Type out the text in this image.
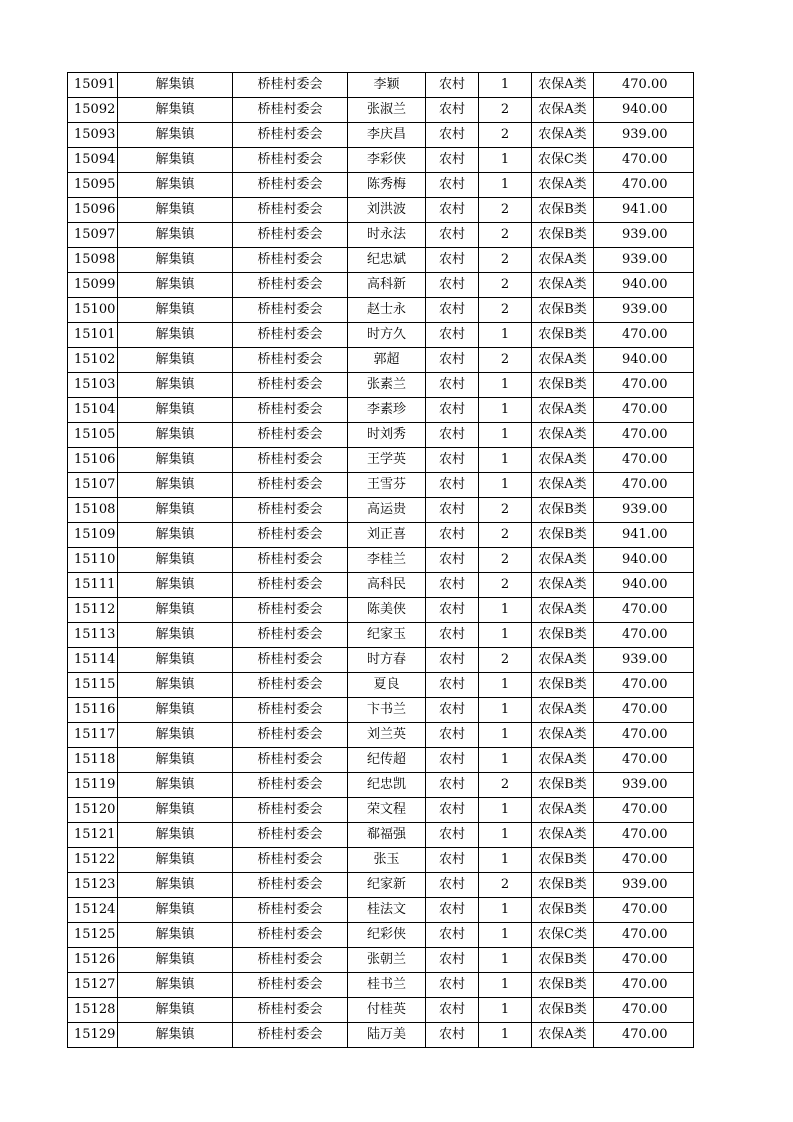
15091	解集镇	桥桂村委会	李颖	农村	1	农保A类	470.00
15092	解集镇	桥桂村委会	张淑兰	农村	2	农保A类	940.00
15093	解集镇	桥桂村委会	李庆昌	农村	2	农保A类	939.00
15094	解集镇	桥桂村委会	李彩侠	农村	1	农保C类	470.00
15095	解集镇	桥桂村委会	陈秀梅	农村	1	农保A类	470.00
15096	解集镇	桥桂村委会	刘洪波	农村	2	农保B类	941.00
15097	解集镇	桥桂村委会	时永法	农村	2	农保B类	939.00
15098	解集镇	桥桂村委会	纪忠斌	农村	2	农保A类	939.00
15099	解集镇	桥桂村委会	高科新	农村	2	农保A类	940.00
15100	解集镇	桥桂村委会	赵士永	农村	2	农保B类	939.00
15101	解集镇	桥桂村委会	时方久	农村	1	农保B类	470.00
15102	解集镇	桥桂村委会	郭超	农村	2	农保A类	940.00
15103	解集镇	桥桂村委会	张素兰	农村	1	农保B类	470.00
15104	解集镇	桥桂村委会	李素珍	农村	1	农保A类	470.00
15105	解集镇	桥桂村委会	时刘秀	农村	1	农保A类	470.00
15106	解集镇	桥桂村委会	王学英	农村	1	农保A类	470.00
15107	解集镇	桥桂村委会	王雪芬	农村	1	农保A类	470.00
15108	解集镇	桥桂村委会	高运贵	农村	2	农保B类	939.00
15109	解集镇	桥桂村委会	刘正喜	农村	2	农保B类	941.00
15110	解集镇	桥桂村委会	李桂兰	农村	2	农保A类	940.00
15111	解集镇	桥桂村委会	高科民	农村	2	农保A类	940.00
15112	解集镇	桥桂村委会	陈美侠	农村	1	农保A类	470.00
15113	解集镇	桥桂村委会	纪家玉	农村	1	农保B类	470.00
15114	解集镇	桥桂村委会	时方春	农村	2	农保A类	939.00
15115	解集镇	桥桂村委会	夏良	农村	1	农保B类	470.00
15116	解集镇	桥桂村委会	卞书兰	农村	1	农保A类	470.00
15117	解集镇	桥桂村委会	刘兰英	农村	1	农保A类	470.00
15118	解集镇	桥桂村委会	纪传超	农村	1	农保A类	470.00
15119	解集镇	桥桂村委会	纪忠凯	农村	2	农保B类	939.00
15120	解集镇	桥桂村委会	荣文程	农村	1	农保A类	470.00
15121	解集镇	桥桂村委会	郗福强	农村	1	农保A类	470.00
15122	解集镇	桥桂村委会	张玉	农村	1	农保B类	470.00
15123	解集镇	桥桂村委会	纪家新	农村	2	农保B类	939.00
15124	解集镇	桥桂村委会	桂法文	农村	1	农保B类	470.00
15125	解集镇	桥桂村委会	纪彩侠	农村	1	农保C类	470.00
15126	解集镇	桥桂村委会	张朝兰	农村	1	农保B类	470.00
15127	解集镇	桥桂村委会	桂书兰	农村	1	农保B类	470.00
15128	解集镇	桥桂村委会	付桂英	农村	1	农保B类	470.00
15129	解集镇	桥桂村委会	陆万美	农村	1	农保A类	470.00
